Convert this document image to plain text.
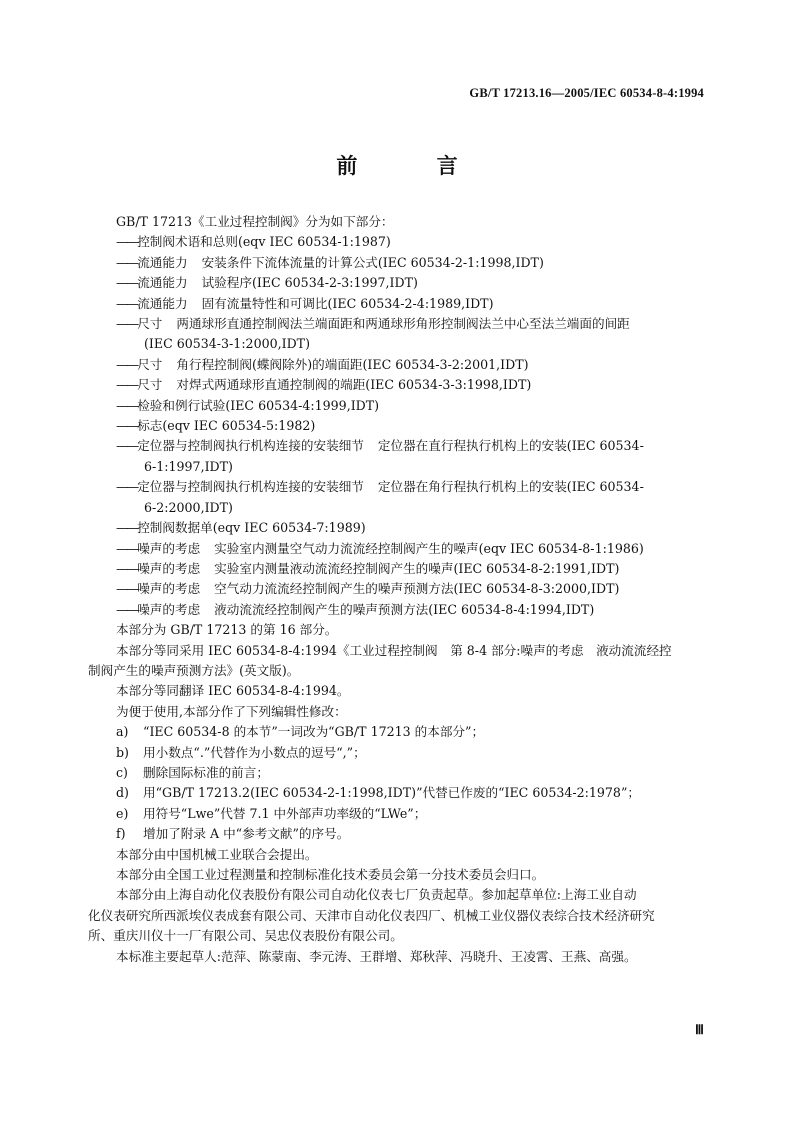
GB/T 17213.16—2005/IEC 60534-8-4:1994
前 言

GB/T 17213《工业过程控制阀》分为如下部分：

——控制阀术语和总则(eqv IEC 60534-1:1987)
——流通能力 安装条件下流体流量的计算公式(IEC 60534-2-1:1998,IDT)
——流通能力 试验程序(IEC 60534-2-3:1997,IDT)
——流通能力 固有流量特性和可调比(IEC 60534-2-4:1989,IDT)
——尺寸 两通球形直通控制阀法兰端面距和两通球形角形控制阀法兰中心至法兰端面的间距
(IEC 60534-3-1:2000,IDT)
——尺寸 角行程控制阀(蝶阀除外)的端面距(IEC 60534-3-2:2001,IDT)
——尺寸 对焊式两通球形直通控制阀的端距(IEC 60534-3-3:1998,IDT)
——检验和例行试验(IEC 60534-4:1999,IDT)
——标志(eqv IEC 60534-5:1982)
——定位器与控制阀执行机构连接的安装细节 定位器在直行程执行机构上的安装(IEC 60534-
6-1:1997,IDT)
——定位器与控制阀执行机构连接的安装细节 定位器在角行程执行机构上的安装(IEC 60534-
6-2:2000,IDT)
——控制阀数据单(eqv IEC 60534-7:1989)
——噪声的考虑 实验室内测量空气动力流流经控制阀产生的噪声(eqv IEC 60534-8-1:1986)
——噪声的考虑 实验室内测量液动流流经控制阀产生的噪声(IEC 60534-8-2:1991,IDT)
——噪声的考虑 空气动力流流经控制阀产生的噪声预测方法(IEC 60534-8-3:2000,IDT)
——噪声的考虑 液动流流经控制阀产生的噪声预测方法(IEC 60534-8-4:1994,IDT)

本部分为 GB/T 17213 的第 16 部分。

本部分等同采用 IEC 60534-8-4:1994《工业过程控制阀　第 8-4 部分:噪声的考虑　液动流流经控

制阀产生的噪声预测方法》(英文版)。

本部分等同翻译 IEC 60534-8-4:1994。

为便于使用,本部分作了下列编辑性修改：

a) “IEC 60534-8 的本节”一词改为“GB/T 17213 的本部分”；
b) 用小数点“.”代替作为小数点的逗号“,”；
c) 删除国际标准的前言；
d) 用“GB/T 17213.2(IEC 60534-2-1:1998,IDT)”代替已作废的“IEC 60534-2:1978”；
e) 用符号“Lwe”代替 7.1 中外部声功率级的“LWe”；
f) 增加了附录 A 中“参考文献”的序号。

本部分由中国机械工业联合会提出。

本部分由全国工业过程测量和控制标准化技术委员会第一分技术委员会归口。

本部分由上海自动化仪表股份有限公司自动化仪表七厂负责起草。参加起草单位:上海工业自动

化仪表研究所西派埃仪表成套有限公司、天津市自动化仪表四厂、机械工业仪器仪表综合技术经济研究

所、重庆川仪十一厂有限公司、吴忠仪表股份有限公司。

本标准主要起草人:范萍、陈蒙南、李元涛、王群增、郑秋萍、冯晓升、王凌霄、王燕、高强。

Ⅲ
